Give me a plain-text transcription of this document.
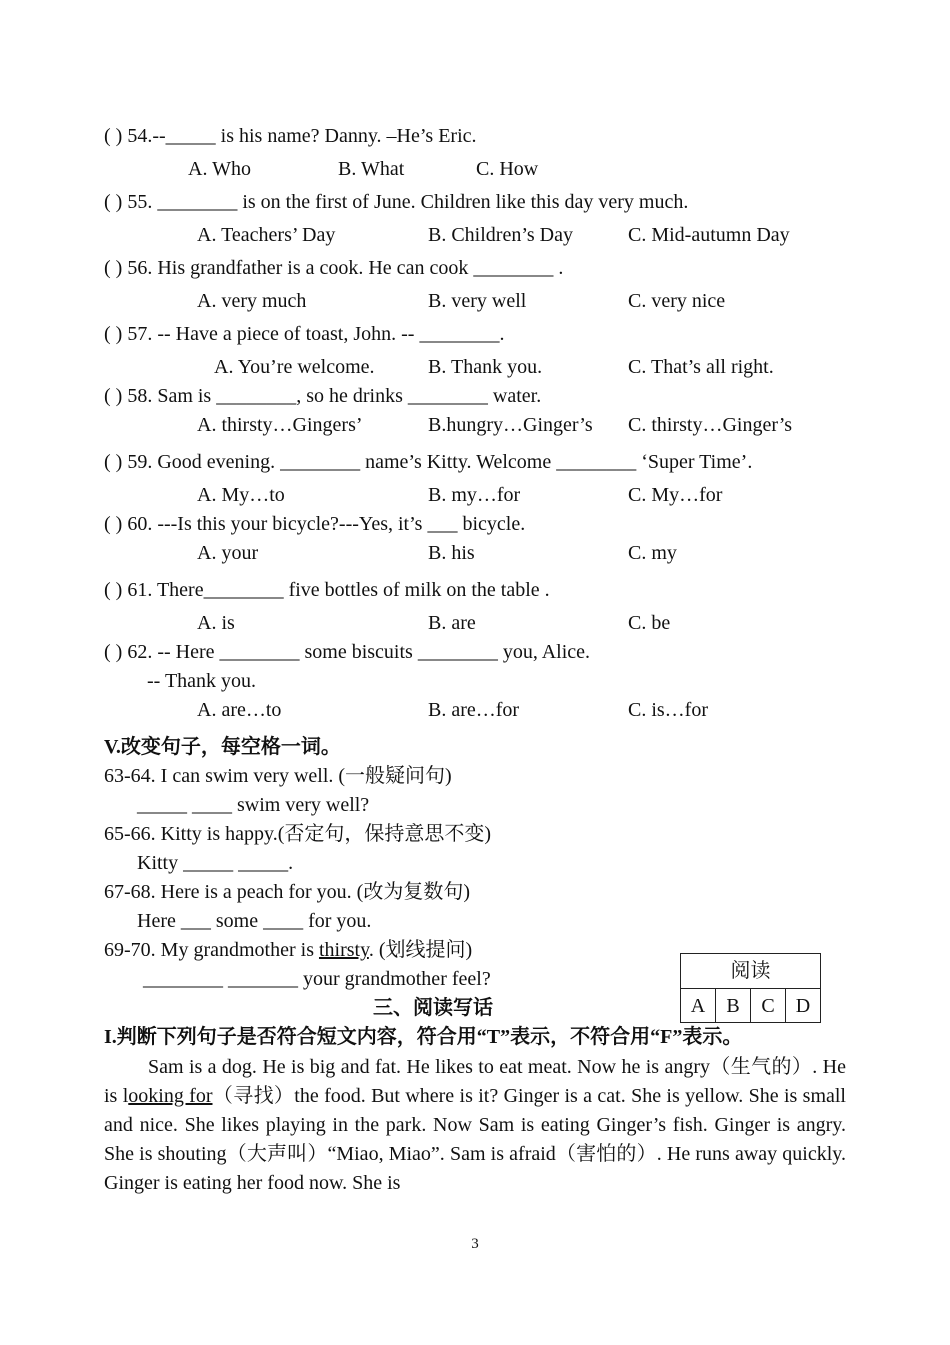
( ) 54.--_____ is his name? Danny. –He’s Eric.
A. Who	B. What	C. How
( ) 55. ________ is on the first of June. Children like this day very much.
A. Teachers’ Day	B. Children’s Day	C. Mid-autumn Day
( ) 56. His grandfather is a cook. He can cook ________ .
A. very much	B. very well	C. very nice
( ) 57. -- Have a piece of toast, John. -- ________.
A. You’re welcome.	B. Thank you.	C. That’s all right.
( ) 58. Sam is ________, so he drinks ________ water.
A. thirsty…Gingers’	B.hungry…Ginger’s C. thirsty…Ginger’s
( ) 59. Good evening. ________ name’s Kitty. Welcome ________ ‘Super Time’.
A. My…to	B. my…for	C. My…for
( ) 60. ---Is this your bicycle?---Yes, it’s ___ bicycle.
A. your	B. his	C. my
( ) 61. There________ five bottles of milk on the table .
A. is	B. are	C. be
( ) 62. -- Here ________ some biscuits ________ you, Alice.
-- Thank you.
A. are…to	B. are…for	C. is…for
V.改变句子，每空格一词。
63-64. I can swim very well. (一般疑问句)
_____ ____ swim very well?
65-66. Kitty is happy.(否定句，保持意思不变)
Kitty _____ _____.
67-68. Here is a peach for you. (改为复数句)
Here ___ some ____ for you.
69-70. My grandmother is thirsty. (划线提问)
________ _______ your grandmother feel?
三、阅读写话
阅读
A	B	C	D
I.判断下列句子是否符合短文内容，符合用“T”表示，不符合用“F”表示。
Sam is a dog. He is big and fat. He likes to eat meat. Now he is angry（生气的）. He is looking for（寻找）the food. But where is it? Ginger is a cat. She is yellow. She is small and nice. She likes playing in the park. Now Sam is eating Ginger’s fish. Ginger is angry. She is shouting（大声叫）“Miao, Miao”. Sam is afraid（害怕的）. He runs away quickly. Ginger is eating her food now. She is
3
